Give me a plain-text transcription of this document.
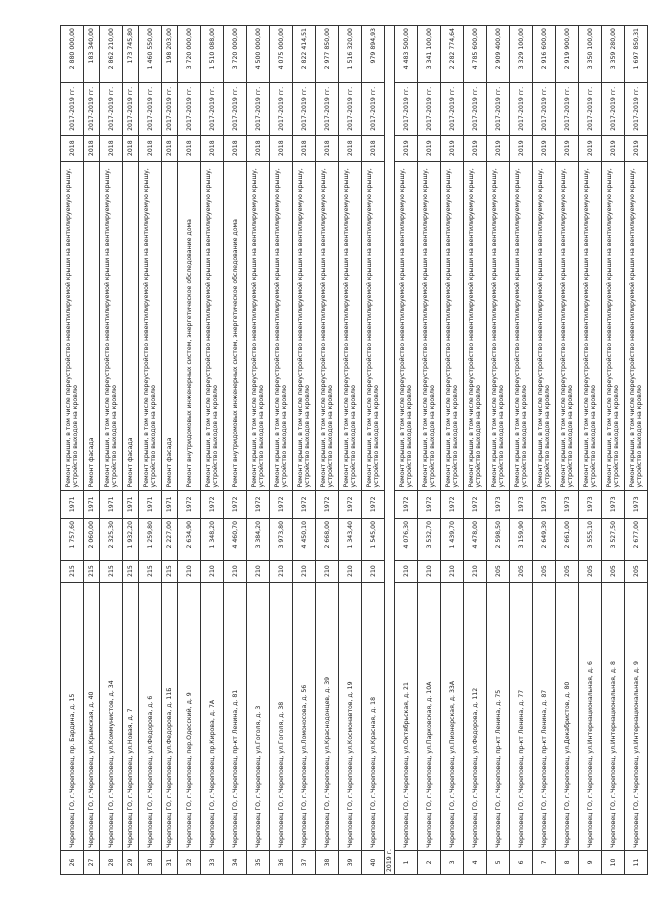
26	Череповец ГО, г.Череповец, пр. Бардина, д. 15	215	1 757,60	1971	Ремонт крыши, в том числе переустройство невентилируемой крыши на вентилируемую крышу, устройство выходов на кровлю	2018	2017-2019 гг.	2 880 000,00
27	Череповец ГО, г.Череповец, ул.Крымская, д. 40	215	2 060,00	1971	Ремонт фасада	2018	2017-2019 гг.	183 340,00
28	Череповец ГО, г.Череповец, ул.Коммунистов, д. 34	215	2 325,30	1971	Ремонт крыши, в том числе переустройство невентилируемой крыши на вентилируемую крышу, устройство выходов на кровлю	2018	2017-2019 гг.	2 862 210,00
29	Череповец ГО, г.Череповец, ул.Новая, д. 7	215	1 932,20	1971	Ремонт фасада	2018	2017-2019 гг.	173 745,80
30	Череповец ГО, г.Череповец, ул.Федорова, д. 6	215	1 259,80	1971	Ремонт крыши, в том числе переустройство невентилируемой крыши на вентилируемую крышу, устройство выходов на кровлю	2018	2017-2019 гг.	1 460 550,00
31	Череповец ГО, г.Череповец, ул.Федорова, д. 11Б	215	2 227,00	1971	Ремонт фасада	2018	2017-2019 гг.	198 203,00
32	Череповец ГО, г.Череповец, пер.Одесский, д. 9	210	2 634,90	1972	Ремонт внутридомовых инженерных систем, энергетическое обследование дома	2018	2017-2019 гг.	3 720 000,00
33	Череповец ГО, г.Череповец, пр.Кирова, д. 7А	210	1 348,20	1972	Ремонт крыши, в том числе переустройство невентилируемой крыши на вентилируемую крышу, устройство выходов на кровлю	2018	2017-2019 гг.	1 510 088,00
34	Череповец ГО, г.Череповец, пр-кт Ленина, д. 81	210	4 460,70	1972	Ремонт внутридомовых инженерных систем, энергетическое обследование дома	2018	2017-2019 гг.	3 720 000,00
35	Череповец ГО, г.Череповец, ул.Гоголя, д. 3	210	3 384,20	1972	Ремонт крыши, в том числе переустройство невентилируемой крыши на вентилируемую крышу, устройство выходов на кровлю	2018	2017-2019 гг.	4 500 000,00
36	Череповец ГО, г.Череповец, ул.Гоголя, д. 38	210	3 973,80	1972	Ремонт крыши, в том числе переустройство невентилируемой крыши на вентилируемую крышу, устройство выходов на кровлю	2018	2017-2019 гг.	4 075 000,00
37	Череповец ГО, г.Череповец, ул.Ломоносова, д. 56	210	4 450,10	1972	Ремонт крыши, в том числе переустройство невентилируемой крыши на вентилируемую крышу, устройство выходов на кровлю	2018	2017-2019 гг.	2 822 414,51
38	Череповец ГО, г.Череповец, ул.Краснодонцев, д. 39	210	2 668,00	1972	Ремонт крыши, в том числе переустройство невентилируемой крыши на вентилируемую крышу, устройство выходов на кровлю	2018	2017-2019 гг.	2 977 850,00
39	Череповец ГО, г.Череповец, ул.Космонавтов, д. 19	210	1 343,40	1972	Ремонт крыши, в том числе переустройство невентилируемой крыши на вентилируемую крышу, устройство выходов на кровлю	2018	2017-2019 гг.	1 516 320,00
40	Череповец ГО, г.Череповец, ул.Красная, д. 18	210	1 545,00	1972	Ремонт крыши, в том числе переустройство невентилируемой крыши на вентилируемую крышу, устройство выходов на кровлю	2018	2017-2019 гг.	979 894,93
2019 г.								
1	Череповец ГО, г.Череповец, ул.Октябрьская, д. 21	210	4 076,30	1972	Ремонт крыши, в том числе переустройство невентилируемой крыши на вентилируемую крышу, устройство выходов на кровлю	2019	2017-2019 гг.	4 483 500,00
2	Череповец ГО, г.Череповец, ул.Парковская, д. 10А	210	3 532,70	1972	Ремонт крыши, в том числе переустройство невентилируемой крыши на вентилируемую крышу, устройство выходов на кровлю	2019	2017-2019 гг.	3 341 100,00
3	Череповец ГО, г.Череповец, ул.Пионерская, д. 33А	210	1 439,70	1972	Ремонт крыши, в том числе переустройство невентилируемой крыши на вентилируемую крышу, устройство выходов на кровлю	2019	2017-2019 гг.	2 282 774,64
4	Череповец ГО, г.Череповец, ул.Федорова, д. 112	210	4 478,00	1972	Ремонт крыши, в том числе переустройство невентилируемой крыши на вентилируемую крышу, устройство выходов на кровлю	2019	2017-2019 гг.	4 785 600,00
5	Череповец ГО, г.Череповец, пр-кт Ленина, д. 75	205	2 598,50	1973	Ремонт крыши, в том числе переустройство невентилируемой крыши на вентилируемую крышу, устройство выходов на кровлю	2019	2017-2019 гг.	2 909 400,00
6	Череповец ГО, г.Череповец, пр-кт Ленина, д. 77	205	3 159,90	1973	Ремонт крыши, в том числе переустройство невентилируемой крыши на вентилируемую крышу, устройство выходов на кровлю	2019	2017-2019 гг.	3 329 100,00
7	Череповец ГО, г.Череповец, пр-кт Ленина, д. 87	205	2 649,30	1973	Ремонт крыши, в том числе переустройство невентилируемой крыши на вентилируемую крышу, устройство выходов на кровлю	2019	2017-2019 гг.	2 916 600,00
8	Череповец ГО, г.Череповец, ул.Декабристов, д. 80	205	2 661,00	1973	Ремонт крыши, в том числе переустройство невентилируемой крыши на вентилируемую крышу, устройство выходов на кровлю	2019	2017-2019 гг.	2 919 900,00
9	Череповец ГО, г.Череповец, ул.Интернациональная, д. 6	205	3 555,10	1973	Ремонт крыши, в том числе переустройство невентилируемой крыши на вентилируемую крышу, устройство выходов на кровлю	2019	2017-2019 гг.	3 350 100,00
10	Череповец ГО, г.Череповец, ул.Интернациональная, д. 8	205	3 527,50	1973	Ремонт крыши, в том числе переустройство невентилируемой крыши на вентилируемую крышу, устройство выходов на кровлю	2019	2017-2019 гг.	3 359 280,00
11	Череповец ГО, г.Череповец, ул.Интернациональная, д. 9	205	2 677,00	1973	Ремонт крыши, в том числе переустройство невентилируемой крыши на вентилируемую крышу, устройство выходов на кровлю	2019	2017-2019 гг.	1 697 850,31
